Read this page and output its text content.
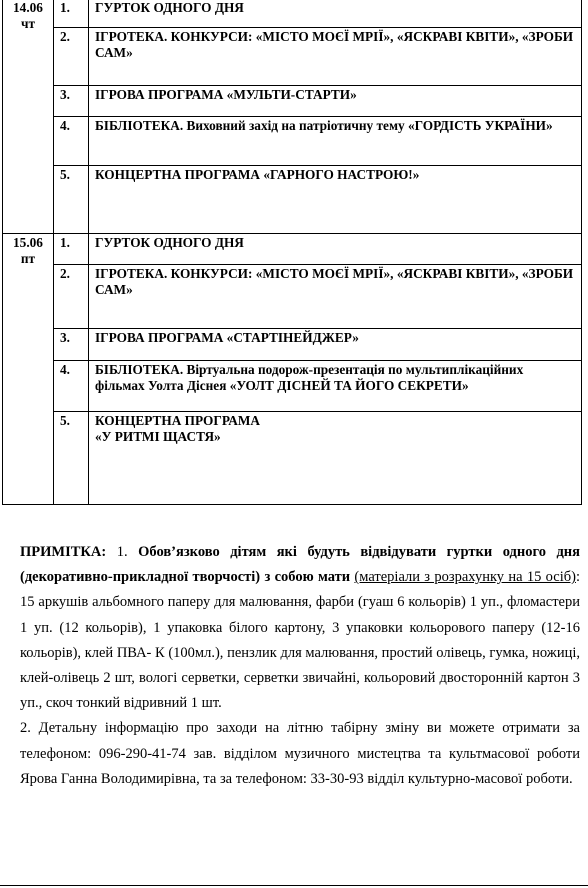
14.06
чт	1.	ГУРТОК ОДНОГО ДНЯ
	2.	ІГРОТЕКА. КОНКУРСИ: «МІСТО МОЄЇ МРІЇ», «ЯСКРАВІ КВІТИ», «ЗРОБИ САМ»
	3.	ІГРОВА ПРОГРАМА «МУЛЬТИ-СТАРТИ»
	4.	БІБЛІОТЕКА. Виховний захід на патріотичну тему «ГОРДІСТЬ УКРАЇНИ»
	5.	КОНЦЕРТНА ПРОГРАМА «ГАРНОГО НАСТРОЮ!»

15.06
пт	1.	ГУРТОК ОДНОГО ДНЯ
	2.	ІГРОТЕКА. КОНКУРСИ: «МІСТО МОЄЇ МРІЇ», «ЯСКРАВІ КВІТИ», «ЗРОБИ САМ»
	3.	ІГРОВА ПРОГРАМА «СТАРТІНЕЙДЖЕР»
	4.	БІБЛІОТЕКА. Віртуальна подорож-презентація по мультиплікаційних фільмах Уолта Діснея «УОЛТ ДІСНЕЙ ТА ЙОГО СЕКРЕТИ»
	5.	КОНЦЕРТНА ПРОГРАМА
«У РИТМІ ЩАСТЯ»

ПРИМІТКА: 1. Обов’язково дітям які будуть відвідувати гуртки одного дня (декоративно-прикладної творчості) з собою мати (матеріали з розрахунку на 15 осіб): 15 аркушів альбомного паперу для малювання, фарби (гуаш 6 кольорів) 1 уп., фломастери 1 уп. (12 кольорів), 1 упаковка білого картону, 3 упаковки кольорового паперу (12-16 кольорів), клей ПВА- К (100мл.), пензлик для малювання, простий олівець, гумка, ножиці, клей-олівець 2 шт, вологі серветки, серветки звичайні, кольоровий двосторонній картон 3 уп., скоч тонкий відривний 1 шт.

2. Детальну інформацію про заходи на літню табірну зміну ви можете отримати за телефоном: 096-290-41-74 зав. відділом музичного мистецтва та культмасової роботи Ярова Ганна Володимирівна, та за телефоном: 33-30-93 відділ культурно-масової роботи.
